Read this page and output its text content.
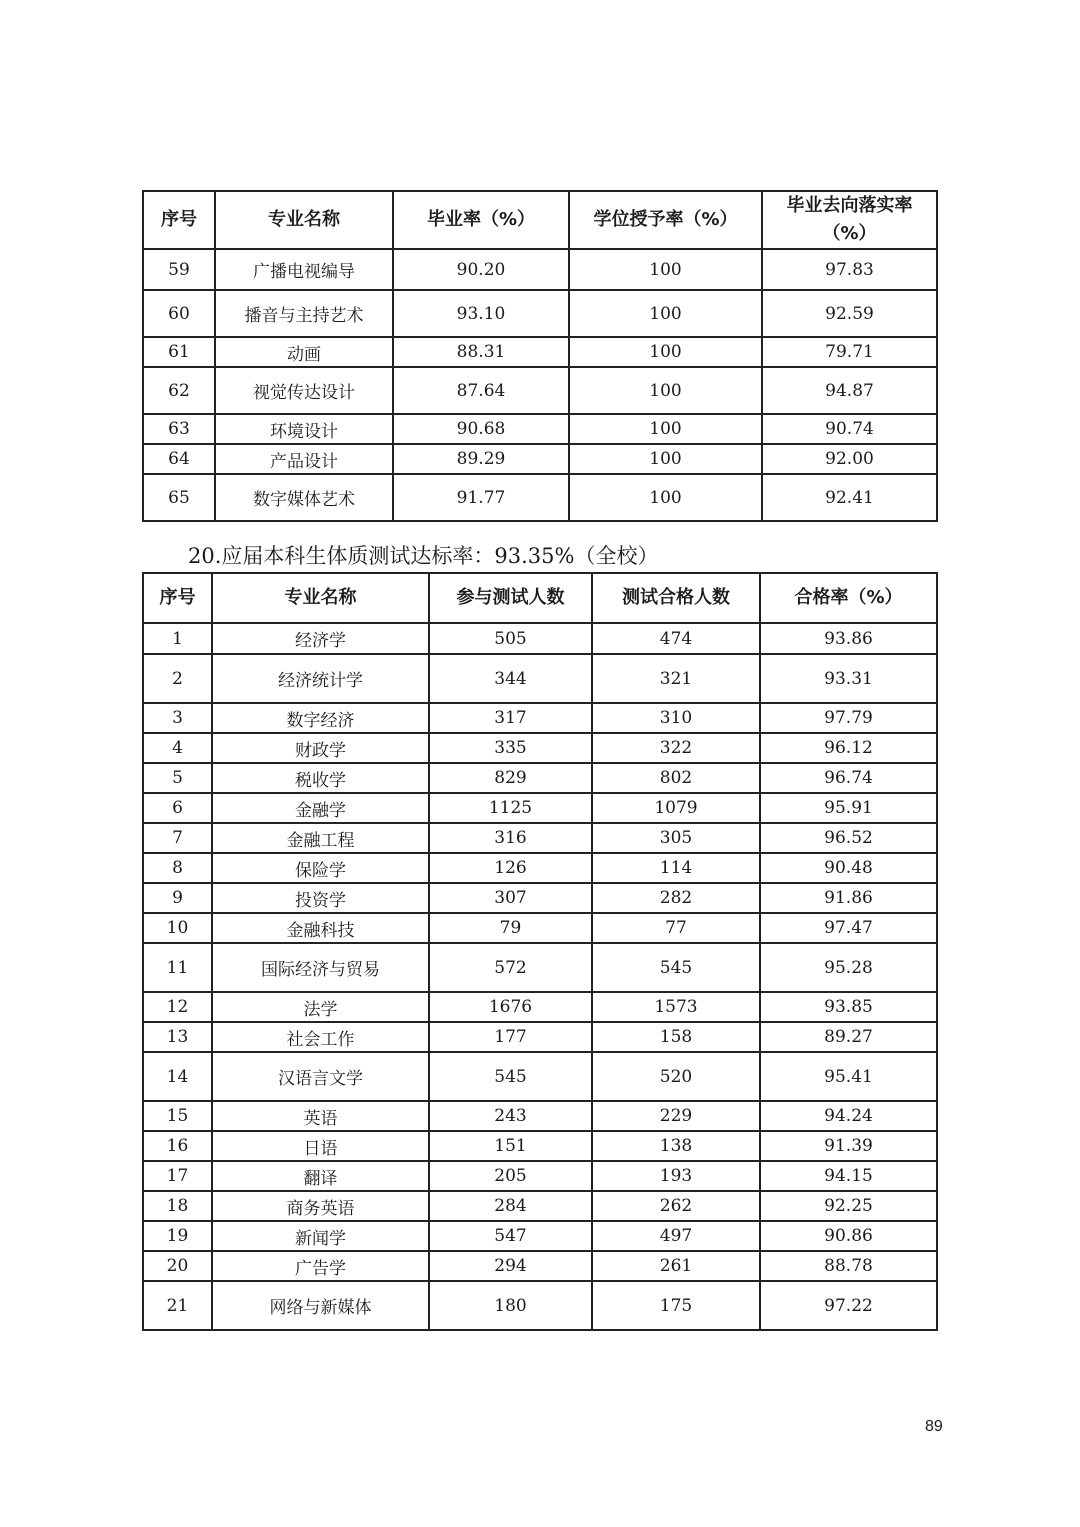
序号	专业名称	毕业率（%）	学位授予率（%）	毕业去向落实率（%）
59	广播电视编导	90.20	100	97.83
60	播音与主持艺术	93.10	100	92.59
61	动画	88.31	100	79.71
62	视觉传达设计	87.64	100	94.87
63	环境设计	90.68	100	90.74
64	产品设计	89.29	100	92.00
65	数字媒体艺术	91.77	100	92.41
20.应届本科生体质测试达标率：93.35%（全校）
序号	专业名称	参与测试人数	测试合格人数	合格率（%）
1	经济学	505	474	93.86
2	经济统计学	344	321	93.31
3	数字经济	317	310	97.79
4	财政学	335	322	96.12
5	税收学	829	802	96.74
6	金融学	1125	1079	95.91
7	金融工程	316	305	96.52
8	保险学	126	114	90.48
9	投资学	307	282	91.86
10	金融科技	79	77	97.47
11	国际经济与贸易	572	545	95.28
12	法学	1676	1573	93.85
13	社会工作	177	158	89.27
14	汉语言文学	545	520	95.41
15	英语	243	229	94.24
16	日语	151	138	91.39
17	翻译	205	193	94.15
18	商务英语	284	262	92.25
19	新闻学	547	497	90.86
20	广告学	294	261	88.78
21	网络与新媒体	180	175	97.22
89
